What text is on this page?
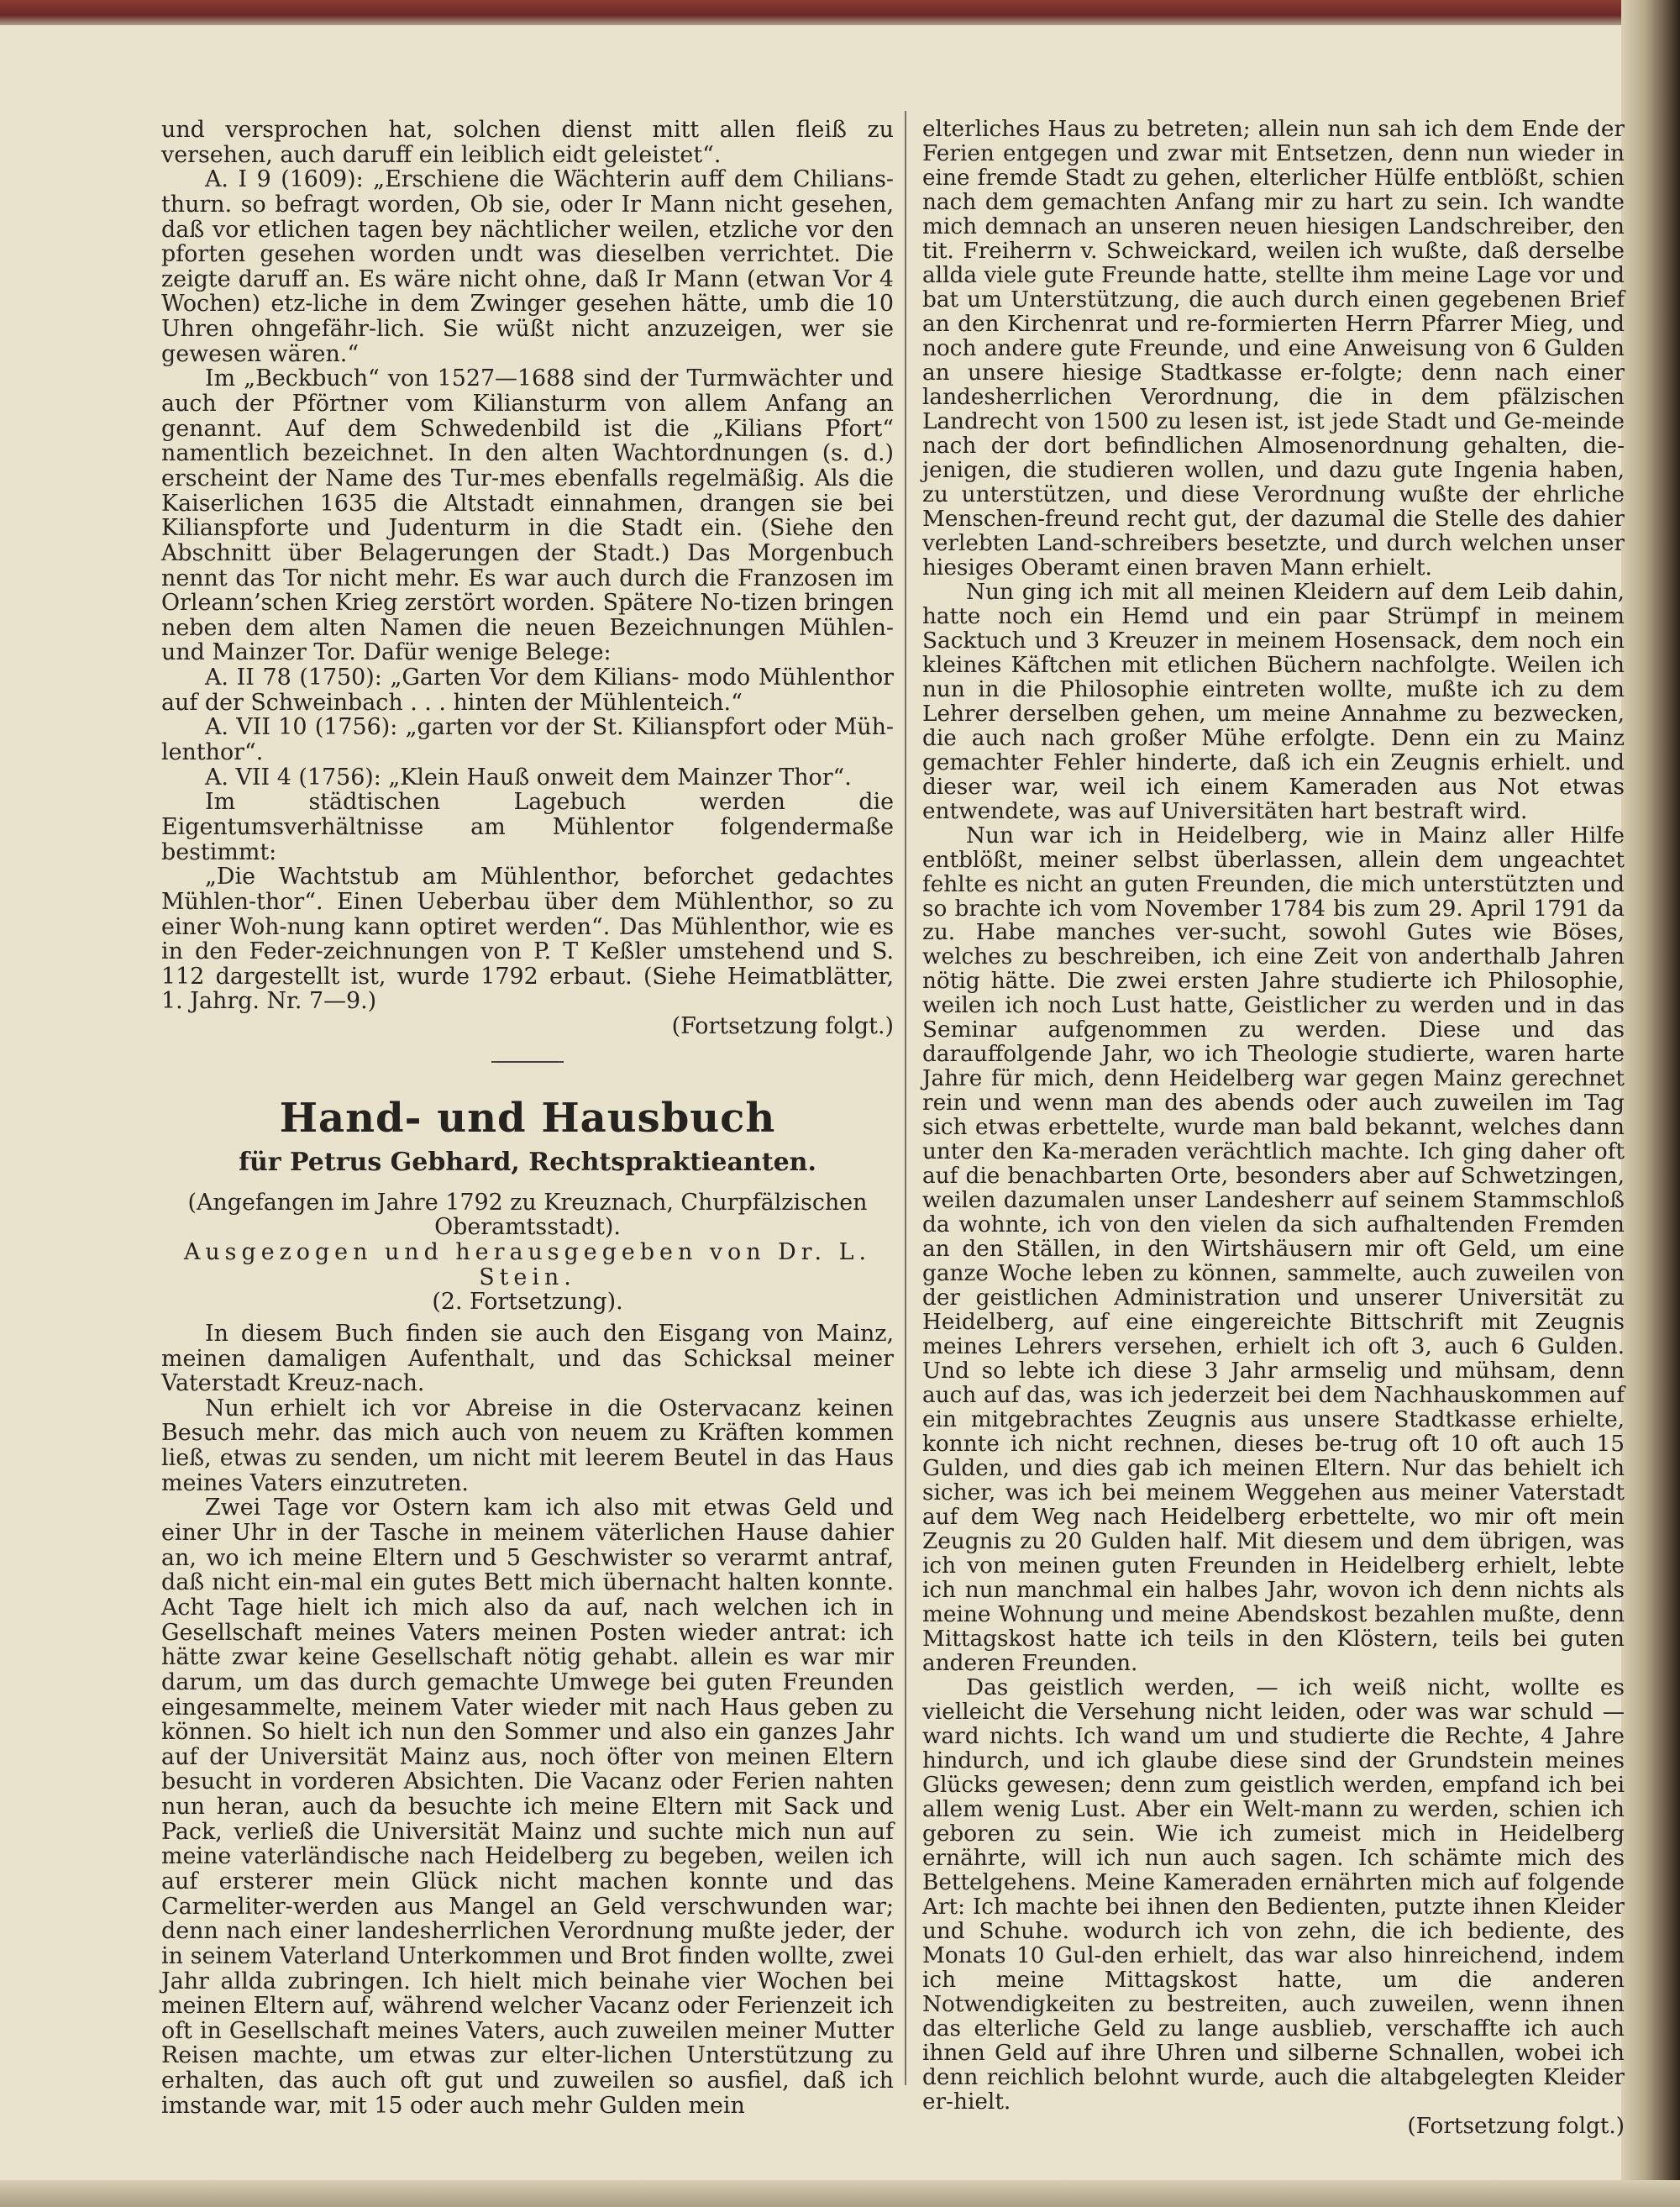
und versprochen hat, solchen dienst mitt allen fleiß zu versehen, auch daruff ein leiblich eidt geleistet“.

A. I 9 (1609): „Erschiene die Wächterin auff dem Chilians-thurn. so befragt worden, Ob sie, oder Ir Mann nicht gesehen, daß vor etlichen tagen bey nächtlicher weilen, etzliche vor den pforten gesehen worden undt was dieselben verrichtet. Die zeigte daruff an. Es wäre nicht ohne, daß Ir Mann (etwan Vor 4 Wochen) etz-liche in dem Zwinger gesehen hätte, umb die 10 Uhren ohngefähr-lich. Sie wüßt nicht anzuzeigen, wer sie gewesen wären.“

Im „Beckbuch“ von 1527—1688 sind der Turmwächter und auch der Pförtner vom Kiliansturm von allem Anfang an genannt. Auf dem Schwedenbild ist die „Kilians Pfort“ namentlich bezeichnet. In den alten Wachtordnungen (s. d.) erscheint der Name des Tur-mes ebenfalls regelmäßig. Als die Kaiserlichen 1635 die Altstadt einnahmen, drangen sie bei Kilianspforte und Judenturm in die Stadt ein. (Siehe den Abschnitt über Belagerungen der Stadt.) Das Morgenbuch nennt das Tor nicht mehr. Es war auch durch die Franzosen im Orleann’schen Krieg zerstört worden. Spätere No-tizen bringen neben dem alten Namen die neuen Bezeichnungen Mühlen- und Mainzer Tor. Dafür wenige Belege:

A. II 78 (1750): „Garten Vor dem Kilians- modo Mühlenthor auf der Schweinbach . . . hinten der Mühlenteich.“

A. VII 10 (1756): „garten vor der St. Kilianspfort oder Müh-lenthor“.

A. VII 4 (1756): „Klein Hauß onweit dem Mainzer Thor“.

Im städtischen Lagebuch werden die Eigentumsverhältnisse am Mühlentor folgendermaße bestimmt:

„Die Wachtstub am Mühlenthor, beforchet gedachtes Mühlen-thor“. Einen Ueberbau über dem Mühlenthor, so zu einer Woh-nung kann optiret werden“. Das Mühlenthor, wie es in den Feder-zeichnungen von P. T Keßler umstehend und S. 112 dargestellt ist, wurde 1792 erbaut. (Siehe Heimatblätter, 1. Jahrg. Nr. 7—9.)

(Fortsetzung folgt.)

Hand- und Hausbuch
für Petrus Gebhard, Rechtspraktieanten.

(Angefangen im Jahre 1792 zu Kreuznach, Churpfälzischen Oberamtsstadt).

Ausgezogen und herausgegeben von Dr. L. Stein.

(2. Fortsetzung).

In diesem Buch finden sie auch den Eisgang von Mainz, meinen damaligen Aufenthalt, und das Schicksal meiner Vaterstadt Kreuz-nach.

Nun erhielt ich vor Abreise in die Ostervacanz keinen Besuch mehr. das mich auch von neuem zu Kräften kommen ließ, etwas zu senden, um nicht mit leerem Beutel in das Haus meines Vaters einzutreten.

Zwei Tage vor Ostern kam ich also mit etwas Geld und einer Uhr in der Tasche in meinem väterlichen Hause dahier an, wo ich meine Eltern und 5 Geschwister so verarmt antraf, daß nicht ein-mal ein gutes Bett mich übernacht halten konnte. Acht Tage hielt ich mich also da auf, nach welchen ich in Gesellschaft meines Vaters meinen Posten wieder antrat: ich hätte zwar keine Gesellschaft nötig gehabt. allein es war mir darum, um das durch gemachte Umwege bei guten Freunden eingesammelte, meinem Vater wieder mit nach Haus geben zu können. So hielt ich nun den Sommer und also ein ganzes Jahr auf der Universität Mainz aus, noch öfter von meinen Eltern besucht in vorderen Absichten. Die Vacanz oder Ferien nahten nun heran, auch da besuchte ich meine Eltern mit Sack und Pack, verließ die Universität Mainz und suchte mich nun auf meine vaterländische nach Heidelberg zu begeben, weilen ich auf ersterer mein Glück nicht machen konnte und das Carmeliter-werden aus Mangel an Geld verschwunden war; denn nach einer landesherrlichen Verordnung mußte jeder, der in seinem Vaterland Unterkommen und Brot finden wollte, zwei Jahr allda zubringen. Ich hielt mich beinahe vier Wochen bei meinen Eltern auf, während welcher Vacanz oder Ferienzeit ich oft in Gesellschaft meines Vaters, auch zuweilen meiner Mutter Reisen machte, um etwas zur elter-lichen Unterstützung zu erhalten, das auch oft gut und zuweilen so ausfiel, daß ich imstande war, mit 15 oder auch mehr Gulden mein

elterliches Haus zu betreten; allein nun sah ich dem Ende der Ferien entgegen und zwar mit Entsetzen, denn nun wieder in eine fremde Stadt zu gehen, elterlicher Hülfe entblößt, schien nach dem gemachten Anfang mir zu hart zu sein. Ich wandte mich demnach an unseren neuen hiesigen Landschreiber, den tit. Freiherrn v. Schweickard, weilen ich wußte, daß derselbe allda viele gute Freunde hatte, stellte ihm meine Lage vor und bat um Unterstützung, die auch durch einen gegebenen Brief an den Kirchenrat und re-formierten Herrn Pfarrer Mieg, und noch andere gute Freunde, und eine Anweisung von 6 Gulden an unsere hiesige Stadtkasse er-folgte; denn nach einer landesherrlichen Verordnung, die in dem pfälzischen Landrecht von 1500 zu lesen ist, ist jede Stadt und Ge-meinde nach der dort befindlichen Almosenordnung gehalten, die-jenigen, die studieren wollen, und dazu gute Ingenia haben, zu unterstützen, und diese Verordnung wußte der ehrliche Menschen-freund recht gut, der dazumal die Stelle des dahier verlebten Land-schreibers besetzte, und durch welchen unser hiesiges Oberamt einen braven Mann erhielt.

Nun ging ich mit all meinen Kleidern auf dem Leib dahin, hatte noch ein Hemd und ein paar Strümpf in meinem Sacktuch und 3 Kreuzer in meinem Hosensack, dem noch ein kleines Käftchen mit etlichen Büchern nachfolgte. Weilen ich nun in die Philosophie eintreten wollte, mußte ich zu dem Lehrer derselben gehen, um meine Annahme zu bezwecken, die auch nach großer Mühe erfolgte. Denn ein zu Mainz gemachter Fehler hinderte, daß ich ein Zeugnis erhielt. und dieser war, weil ich einem Kameraden aus Not etwas entwendete, was auf Universitäten hart bestraft wird.

Nun war ich in Heidelberg, wie in Mainz aller Hilfe entblößt, meiner selbst überlassen, allein dem ungeachtet fehlte es nicht an guten Freunden, die mich unterstützten und so brachte ich vom November 1784 bis zum 29. April 1791 da zu. Habe manches ver-sucht, sowohl Gutes wie Böses, welches zu beschreiben, ich eine Zeit von anderthalb Jahren nötig hätte. Die zwei ersten Jahre studierte ich Philosophie, weilen ich noch Lust hatte, Geistlicher zu werden und in das Seminar aufgenommen zu werden. Diese und das darauffolgende Jahr, wo ich Theologie studierte, waren harte Jahre für mich, denn Heidelberg war gegen Mainz gerechnet rein und wenn man des abends oder auch zuweilen im Tag sich etwas erbettelte, wurde man bald bekannt, welches dann unter den Ka-meraden verächtlich machte. Ich ging daher oft auf die benachbarten Orte, besonders aber auf Schwetzingen, weilen dazumalen unser Landesherr auf seinem Stammschloß da wohnte, ich von den vielen da sich aufhaltenden Fremden an den Ställen, in den Wirtshäusern mir oft Geld, um eine ganze Woche leben zu können, sammelte, auch zuweilen von der geistlichen Administration und unserer Universität zu Heidelberg, auf eine eingereichte Bittschrift mit Zeugnis meines Lehrers versehen, erhielt ich oft 3, auch 6 Gulden. Und so lebte ich diese 3 Jahr armselig und mühsam, denn auch auf das, was ich jederzeit bei dem Nachhauskommen auf ein mitgebrachtes Zeugnis aus unsere Stadtkasse erhielte, konnte ich nicht rechnen, dieses be-trug oft 10 oft auch 15 Gulden, und dies gab ich meinen Eltern. Nur das behielt ich sicher, was ich bei meinem Weggehen aus meiner Vaterstadt auf dem Weg nach Heidelberg erbettelte, wo mir oft mein Zeugnis zu 20 Gulden half. Mit diesem und dem übrigen, was ich von meinen guten Freunden in Heidelberg erhielt, lebte ich nun manchmal ein halbes Jahr, wovon ich denn nichts als meine Wohnung und meine Abendskost bezahlen mußte, denn Mittagskost hatte ich teils in den Klöstern, teils bei guten anderen Freunden.

Das geistlich werden, — ich weiß nicht, wollte es vielleicht die Versehung nicht leiden, oder was war schuld — ward nichts. Ich wand um und studierte die Rechte, 4 Jahre hindurch, und ich glaube diese sind der Grundstein meines Glücks gewesen; denn zum geistlich werden, empfand ich bei allem wenig Lust. Aber ein Welt-mann zu werden, schien ich geboren zu sein. Wie ich zumeist mich in Heidelberg ernährte, will ich nun auch sagen. Ich schämte mich des Bettelgehens. Meine Kameraden ernährten mich auf folgende Art: Ich machte bei ihnen den Bedienten, putzte ihnen Kleider und Schuhe. wodurch ich von zehn, die ich bediente, des Monats 10 Gul-den erhielt, das war also hinreichend, indem ich meine Mittagskost hatte, um die anderen Notwendigkeiten zu bestreiten, auch zuweilen, wenn ihnen das elterliche Geld zu lange ausblieb, verschaffte ich auch ihnen Geld auf ihre Uhren und silberne Schnallen, wobei ich denn reichlich belohnt wurde, auch die altabgelegten Kleider er-hielt.

(Fortsetzung folgt.)
